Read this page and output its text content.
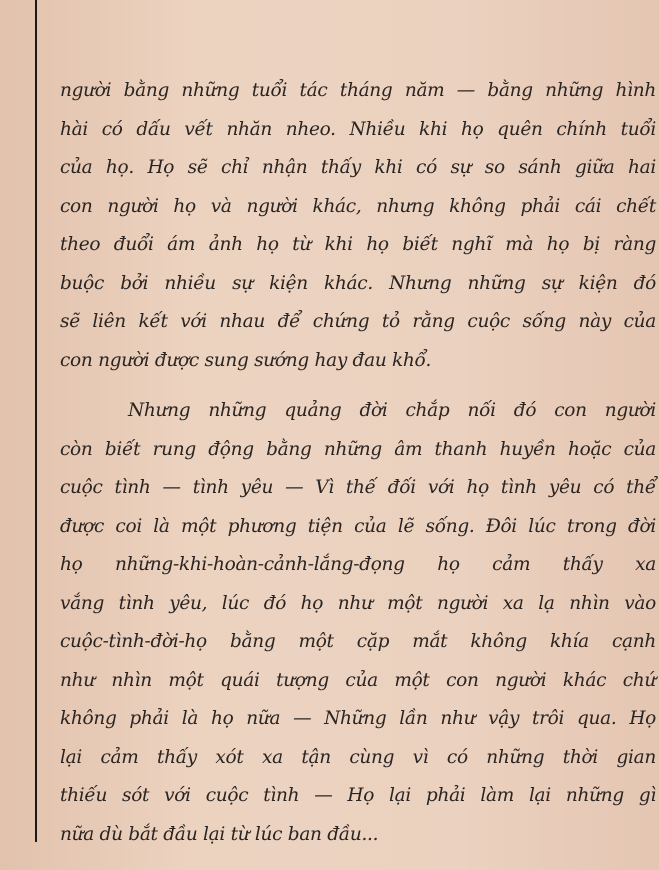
người bằng những tuổi tác tháng năm — bằng những hình
hài có dấu vết nhăn nheo. Nhiều khi họ quên chính tuổi
của họ. Họ sẽ chỉ nhận thấy khi có sự so sánh giữa hai
con người họ và người khác, nhưng không phải cái chết
theo đuổi ám ảnh họ từ khi họ biết nghĩ mà họ bị ràng
buộc bởi nhiều sự kiện khác. Nhưng những sự kiện đó
sẽ liên kết với nhau để chứng tỏ rằng cuộc sống này của
con người được sung sướng hay đau khổ.
Nhưng những quảng đời chắp nối đó con người
còn biết rung động bằng những âm thanh huyền hoặc của
cuộc tình — tình yêu — Vì thế đối với họ tình yêu có thể
được coi là một phương tiện của lẽ sống. Đôi lúc trong đời
họ những-khi-hoàn-cảnh-lắng-đọng họ cảm thấy xa
vắng tình yêu, lúc đó họ như một người xa lạ nhìn vào
cuộc-tình-đời-họ bằng một cặp mắt không khía cạnh
như nhìn một quái tượng của một con người khác chứ
không phải là họ nữa — Những lần như vậy trôi qua. Họ
lại cảm thấy xót xa tận cùng vì có những thời gian
thiếu sót với cuộc tình — Họ lại phải làm lại những gì
nữa dù bắt đầu lại từ lúc ban đầu...
